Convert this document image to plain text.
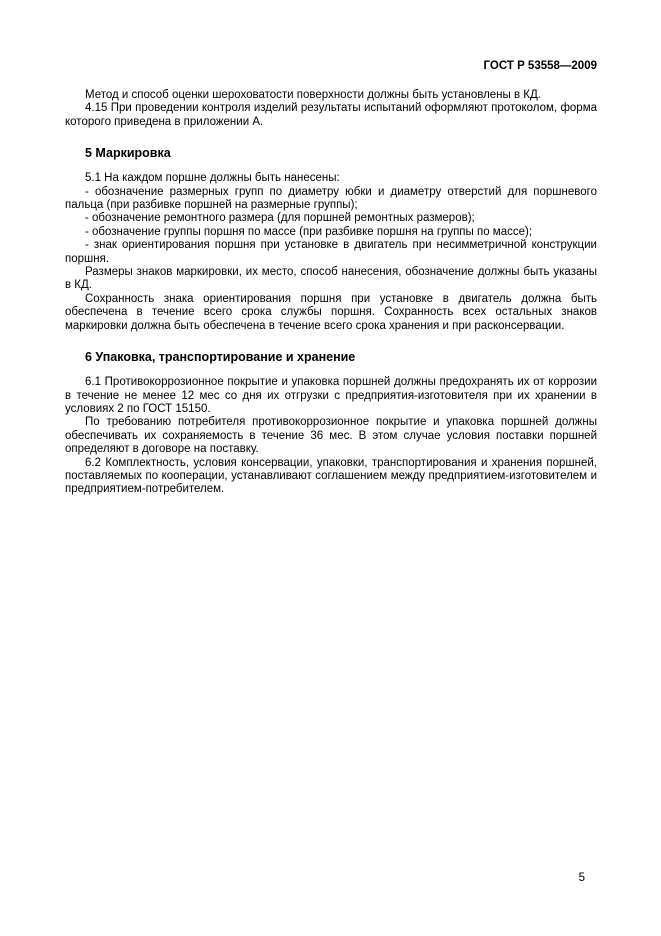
ГОСТ Р 53558—2009

Метод и способ оценки шероховатости поверхности должны быть установлены в КД.

4.15 При проведении контроля изделий результаты испытаний оформляют протоколом, форма которого приведена в приложении А.

5 Маркировка

5.1 На каждом поршне должны быть нанесены:

- обозначение размерных групп по диаметру юбки и диаметру отверстий для поршневого пальца (при разбивке поршней на размерные группы);

- обозначение ремонтного размера (для поршней ремонтных размеров);

- обозначение группы поршня по массе (при разбивке поршня на группы по массе);

- знак ориентирования поршня при установке в двигатель при несимметричной конструкции поршня.

Размеры знаков маркировки, их место, способ нанесения, обозначение должны быть указаны в КД.

Сохранность знака ориентирования поршня при установке в двигатель должна быть обеспечена в течение всего срока службы поршня. Сохранность всех остальных знаков маркировки должна быть обеспечена в течение всего срока хранения и при расконсервации.

6 Упаковка, транспортирование и хранение

6.1 Противокоррозионное покрытие и упаковка поршней должны предохранять их от коррозии в течение не менее 12 мес со дня их отгрузки с предприятия-изготовителя при их хранении в условиях 2 по ГОСТ 15150.

По требованию потребителя противокоррозионное покрытие и упаковка поршней должны обеспечивать их сохраняемость в течение 36 мес. В этом случае условия поставки поршней определяют в договоре на поставку.

6.2 Комплектность, условия консервации, упаковки, транспортирования и хранения поршней, поставляемых по кооперации, устанавливают соглашением между предприятием-изготовителем и предприятием-потребителем.

5
